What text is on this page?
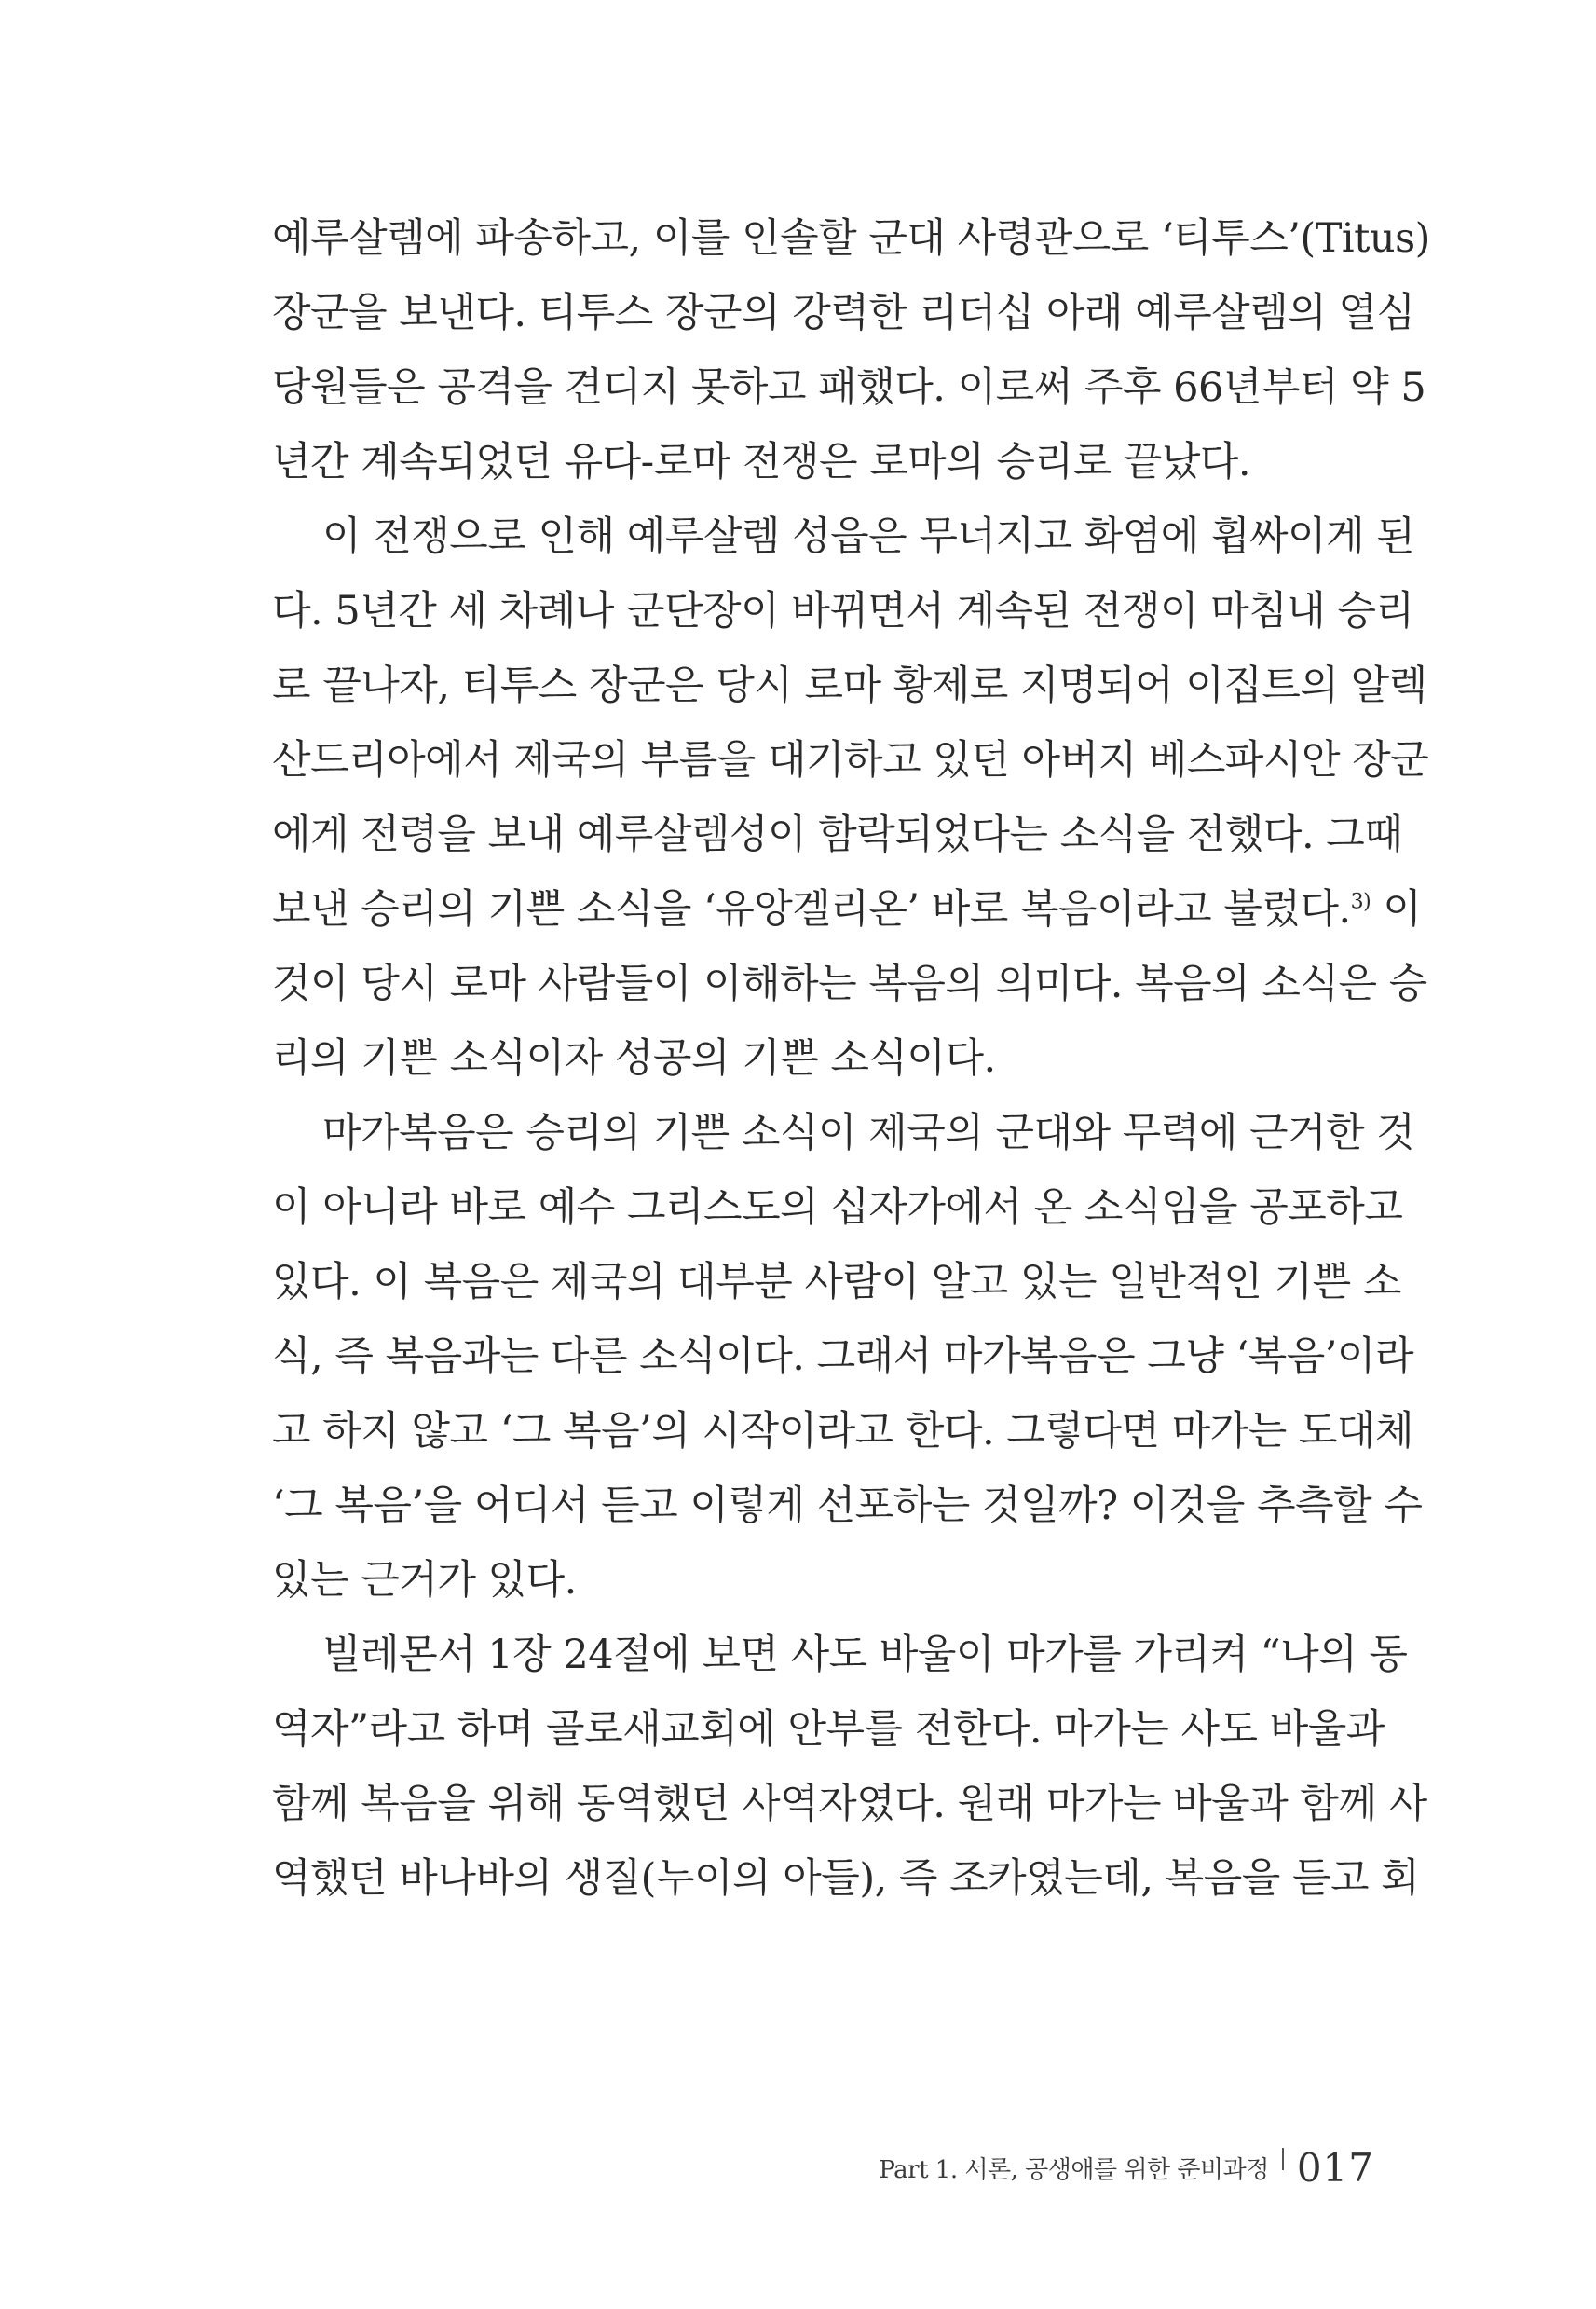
예루살렘에 파송하고, 이를 인솔할 군대 사령관으로 ‘티투스’(Titus)
장군을 보낸다. 티투스 장군의 강력한 리더십 아래 예루살렘의 열심
당원들은 공격을 견디지 못하고 패했다. 이로써 주후 66년부터 약 5
년간 계속되었던 유다-로마 전쟁은 로마의 승리로 끝났다.
이 전쟁으로 인해 예루살렘 성읍은 무너지고 화염에 휩싸이게 된
다. 5년간 세 차례나 군단장이 바뀌면서 계속된 전쟁이 마침내 승리
로 끝나자, 티투스 장군은 당시 로마 황제로 지명되어 이집트의 알렉
산드리아에서 제국의 부름을 대기하고 있던 아버지 베스파시안 장군
에게 전령을 보내 예루살렘성이 함락되었다는 소식을 전했다. 그때
보낸 승리의 기쁜 소식을 ‘유앙겔리온’ 바로 복음이라고 불렀다.$^{3)}$ 이
것이 당시 로마 사람들이 이해하는 복음의 의미다. 복음의 소식은 승
리의 기쁜 소식이자 성공의 기쁜 소식이다.
마가복음은 승리의 기쁜 소식이 제국의 군대와 무력에 근거한 것
이 아니라 바로 예수 그리스도의 십자가에서 온 소식임을 공포하고
있다. 이 복음은 제국의 대부분 사람이 알고 있는 일반적인 기쁜 소
식, 즉 복음과는 다른 소식이다. 그래서 마가복음은 그냥 ‘복음’이라
고 하지 않고 ‘그 복음’의 시작이라고 한다. 그렇다면 마가는 도대체
‘그 복음’을 어디서 듣고 이렇게 선포하는 것일까? 이것을 추측할 수
있는 근거가 있다.
빌레몬서 1장 24절에 보면 사도 바울이 마가를 가리켜 “나의 동
역자”라고 하며 골로새교회에 안부를 전한다. 마가는 사도 바울과
함께 복음을 위해 동역했던 사역자였다. 원래 마가는 바울과 함께 사
역했던 바나바의 생질(누이의 아들), 즉 조카였는데, 복음을 듣고 회
Part 1. 서론, 공생애를 위한 준비과정 017
